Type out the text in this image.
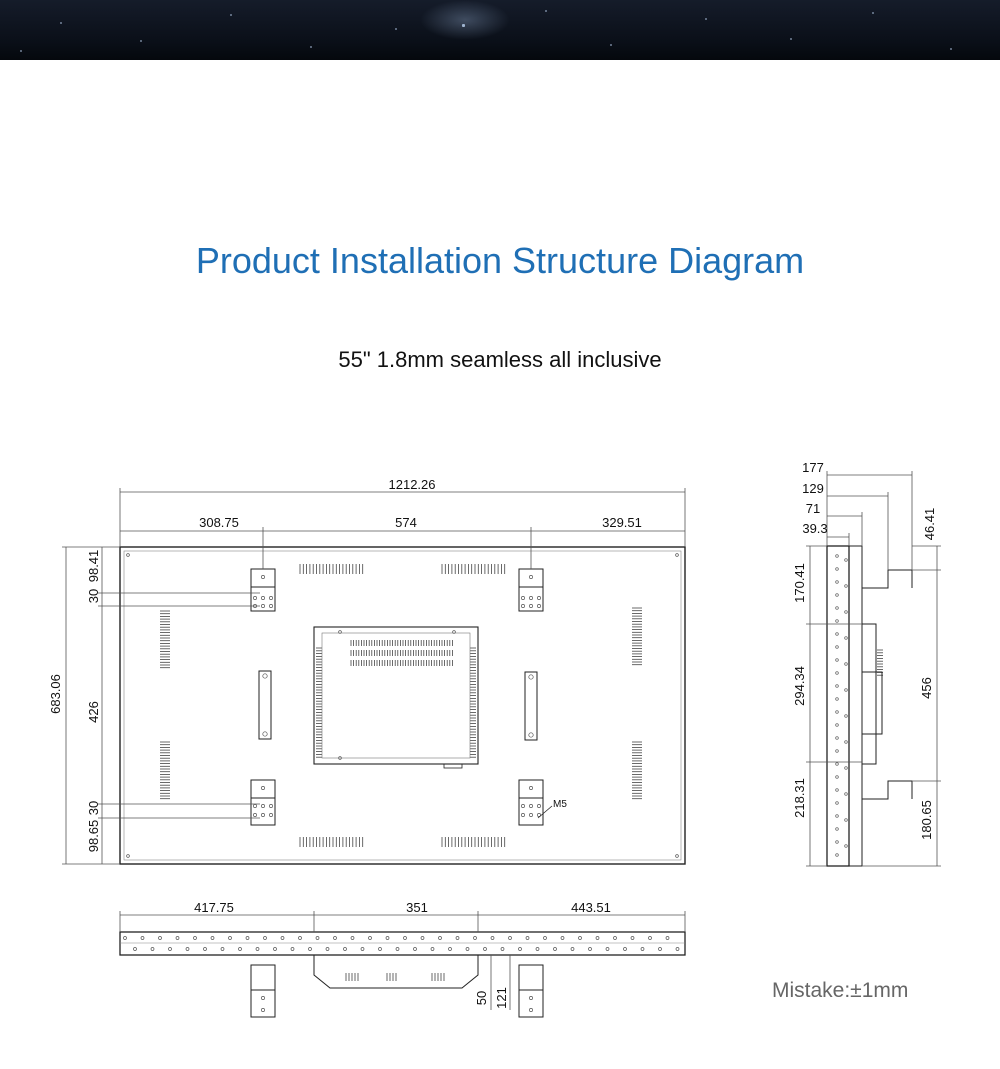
Product Installation Structure Diagram
55" 1.8mm seamless all inclusive
M5
1212.26
308.75	574	329.51
683.06
98.41
30
426
30
98.65
177
129
71
39.3	46.41
170.41
294.34
218.31
456
180.65
417.75	351	443.51
50 121	Mistake:±1mm
